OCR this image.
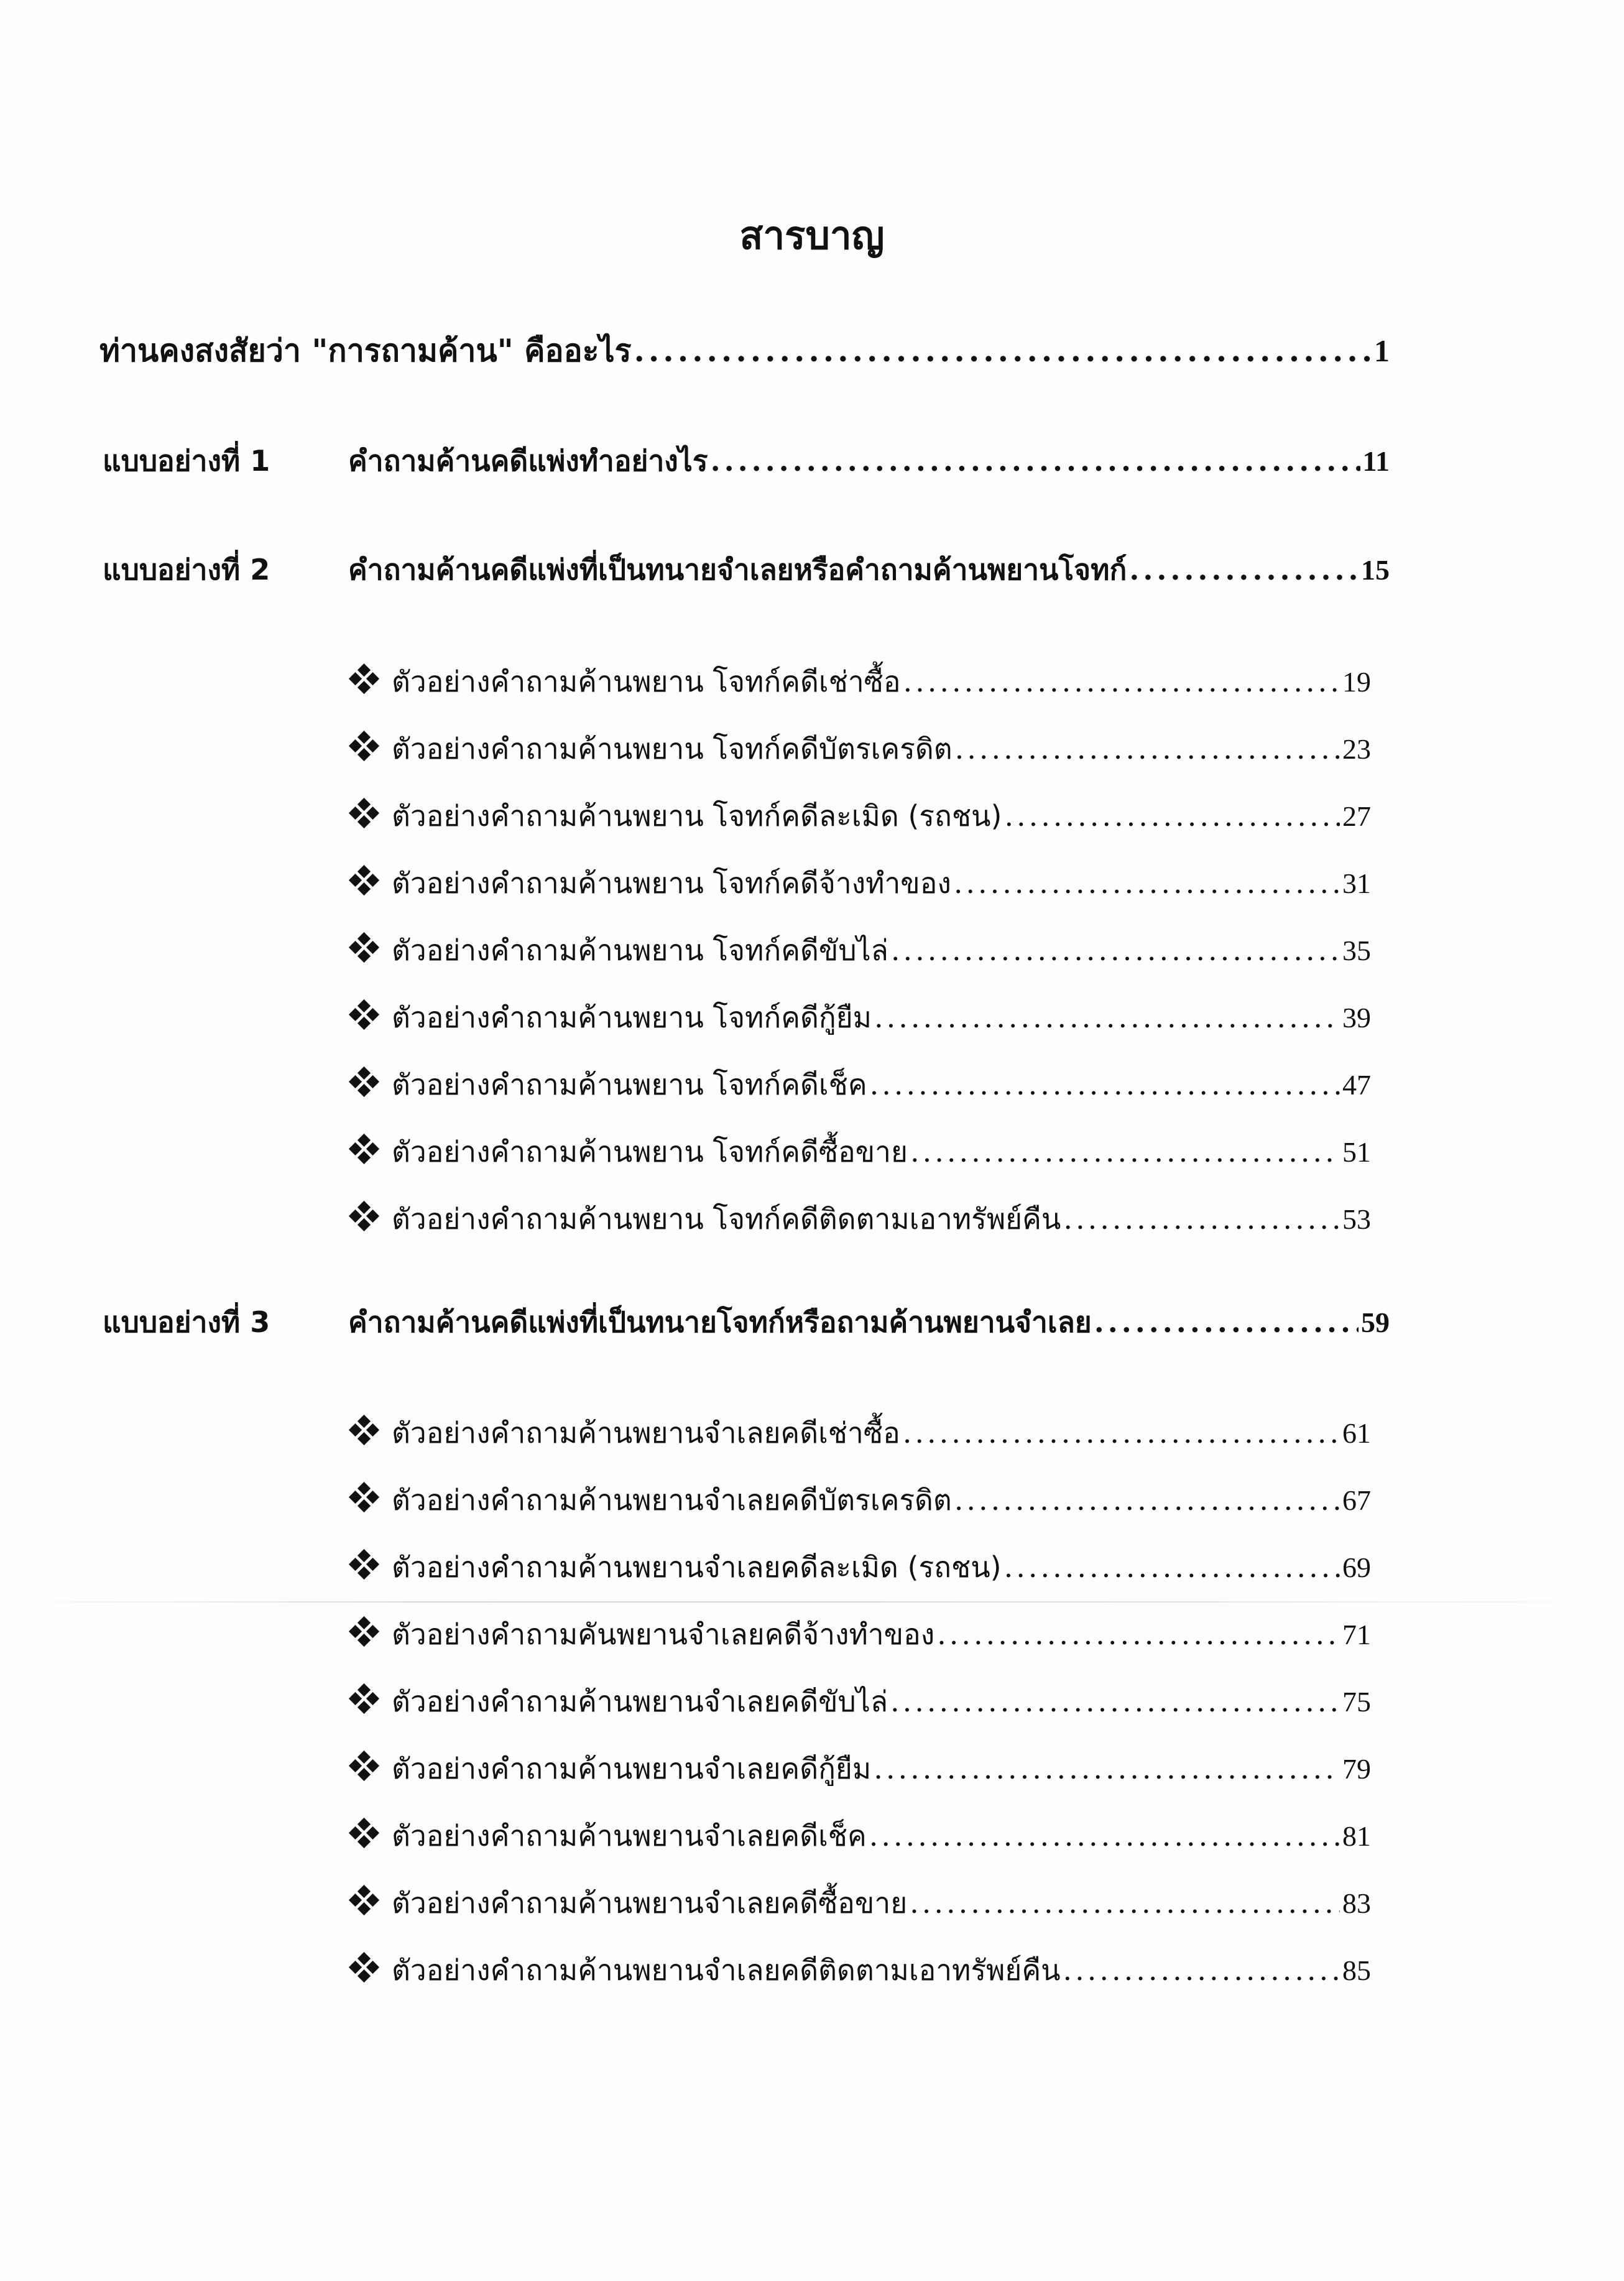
สารบาญ
ท่านคงสงสัยว่า "การถามค้าน" คืออะไร .....	1
แบบอย่างที่ 1	คำถามค้านคดีแพ่งทำอย่างไร .....	11
แบบอย่างที่ 2	คำถามค้านคดีแพ่งที่เป็นทนายจำเลยหรือคำถามค้านพยานโจทก์ .....	15
ตัวอย่างคำถามค้านพยาน โจทก์คดีเช่าซื้อ .....	19
ตัวอย่างคำถามค้านพยาน โจทก์คดีบัตรเครดิต .....	23
ตัวอย่างคำถามค้านพยาน โจทก์คดีละเมิด (รถชน) .....	27
ตัวอย่างคำถามค้านพยาน โจทก์คดีจ้างทำของ .....	31
ตัวอย่างคำถามค้านพยาน โจทก์คดีขับไล่ .....	35
ตัวอย่างคำถามค้านพยาน โจทก์คดีกู้ยืม .....	39
ตัวอย่างคำถามค้านพยาน โจทก์คดีเช็ค .....	47
ตัวอย่างคำถามค้านพยาน โจทก์คดีซื้อขาย .....	51
ตัวอย่างคำถามค้านพยาน โจทก์คดีติดตามเอาทรัพย์คืน .....	53
แบบอย่างที่ 3	คำถามค้านคดีแพ่งที่เป็นทนายโจทก์หรือถามค้านพยานจำเลย .....	59
ตัวอย่างคำถามค้านพยานจำเลยคดีเช่าซื้อ .....	61
ตัวอย่างคำถามค้านพยานจำเลยคดีบัตรเครดิต .....	67
ตัวอย่างคำถามค้านพยานจำเลยคดีละเมิด (รถชน) .....	69
ตัวอย่างคำถามคันพยานจำเลยคดีจ้างทำของ .....	71
ตัวอย่างคำถามค้านพยานจำเลยคดีขับไล่ .....	75
ตัวอย่างคำถามค้านพยานจำเลยคดีกู้ยืม .....	79
ตัวอย่างคำถามค้านพยานจำเลยคดีเช็ค .....	81
ตัวอย่างคำถามค้านพยานจำเลยคดีซื้อขาย .....	83
ตัวอย่างคำถามค้านพยานจำเลยคดีติดตามเอาทรัพย์คืน .....	85
